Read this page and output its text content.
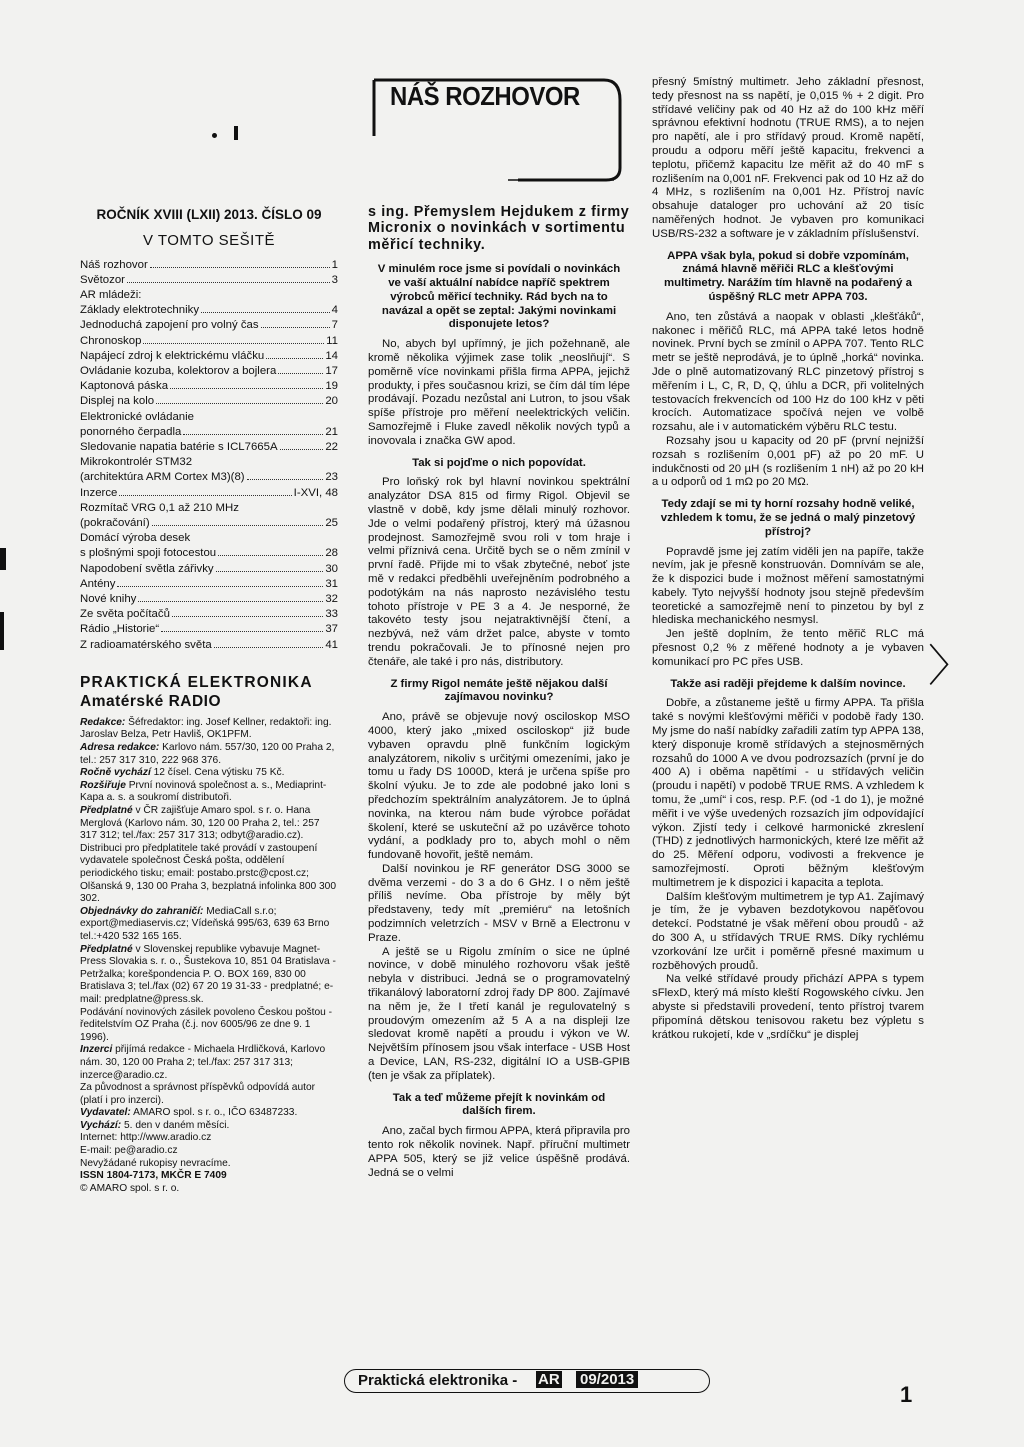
ROČNÍK XVIII (LXII) 2013. ČÍSLO 09
V TOMTO SEŠITĚ
Náš rozhovor	1
Světozor	3
AR mládeži:
Základy elektrotechniky	4
Jednoduchá zapojení pro volný čas	7
Chronoskop	11
Napájecí zdroj k elektrickému vláčku	14
Ovládanie kozuba, kolektorov a bojlera	17
Kaptonová páska	19
Displej na kolo	20
Elektronické ovládanie
ponorného čerpadla	21
Sledovanie napatia batérie s ICL7665A	22
Mikrokontrolér STM32
(architektúra ARM Cortex M3)(8)	23
Inzerce	I-XVI, 48
Rozmítač VRG 0,1 až 210 MHz
(pokračování)	25
Domácí výroba desek
s plošnými spoji fotocestou	28
Napodobení světla zářivky	30
Antény	31
Nové knihy	32
Ze světa počítačů	33
Rádio „Historie“	37
Z radioamatérského světa	41
PRAKTICKÁ ELEKTRONIKA
Amatérské RADIO

Redakce: Šéfredaktor: ing. Josef Kellner, redaktoři: ing. Jaroslav Belza, Petr Havliš, OK1PFM.

Adresa redakce: Karlovo nám. 557/30, 120 00 Praha 2, tel.: 257 317 310, 222 968 376.

Ročně vychází 12 čísel. Cena výtisku 75 Kč.

Rozšiřuje První novinová společnost a. s., Mediaprint-Kapa a. s. a soukromí distributoři.

Předplatné v ČR zajišťuje Amaro spol. s r. o. Hana Merglová (Karlovo nám. 30, 120 00 Praha 2, tel.: 257 317 312; tel./fax: 257 317 313; odbyt@aradio.cz). Distribuci pro předplatitele také provádí v zastoupení vydavatele společnost Česká pošta, oddělení periodického tisku; email: postabo.prstc@cpost.cz; Olšanská 9, 130 00 Praha 3, bezplatná infolinka 800 300 302.

Objednávky do zahraničí: MediaCall s.r.o; export@mediaservis.cz; Vídeňská 995/63, 639 63 Brno tel.:+420 532 165 165.

Předplatné v Slovenskej republike vybavuje Magnet-Press Slovakia s. r. o., Šustekova 10, 851 04 Bratislava - Petržalka; korešpondencia P. O. BOX 169, 830 00 Bratislava 3; tel./fax (02) 67 20 19 31-33 - predplatné; e-mail: predplatne@press.sk.

Podávání novinových zásilek povoleno Českou poštou - ředitelstvím OZ Praha (č.j. nov 6005/96 ze dne 9. 1 1996).

Inzerci přijímá redakce - Michaela Hrdličková, Karlovo nám. 30, 120 00 Praha 2; tel./fax: 257 317 313; inzerce@aradio.cz.

Za původnost a správnost příspěvků odpovídá autor (platí i pro inzerci).

Vydavatel: AMARO spol. s r. o., IČO 63487233.

Vychází: 5. den v daném měsíci.

Internet: http://www.aradio.cz

E-mail: pe@aradio.cz

Nevyžádané rukopisy nevracíme.

ISSN 1804-7173, MKČR E 7409

© AMARO spol. s r. o.

NÁŠ ROZHOVOR
s ing. Přemyslem Hejdukem z firmy Micronix o novinkách v sortimentu měřicí techniky.

V minulém roce jsme si povídali o novinkách ve vaší aktuální nabídce napříč spektrem výrobců měřicí techniky. Rád bych na to navázal a opět se zeptal: Jakými novinkami disponujete letos?

No, abych byl upřímný, je jich požehnaně, ale kromě několika výjimek zase tolik „neoslňují“. S poměrně více novinkami přišla firma APPA, jejichž produkty, i přes současnou krizi, se čím dál tím lépe prodávají. Pozadu nezůstal ani Lutron, to jsou však spíše přístroje pro měření neelektrických veličin. Samozřejmě i Fluke zavedl několik nových typů a inovovala i značka GW apod.

Tak si pojďme o nich popovídat.

Pro loňský rok byl hlavní novinkou spektrální analyzátor DSA 815 od firmy Rigol. Objevil se vlastně v době, kdy jsme dělali minulý rozhovor. Jde o velmi podařený přístroj, který má úžasnou prodejnost. Samozřejmě svou roli v tom hraje i velmi příznivá cena. Určitě bych se o něm zmínil v první řadě. Přijde mi to však zbytečné, neboť jste mě v redakci předběhli uveřejněním podrobného a podotýkám na nás naprosto nezávislého testu tohoto přístroje v PE 3 a 4. Je nesporné, že takovéto testy jsou nejatraktivnější čtení, a nezbývá, než vám držet palce, abyste v tomto trendu pokračovali. Je to přínosné nejen pro čtenáře, ale také i pro nás, distributory.

Z firmy Rigol nemáte ještě nějakou další zajímavou novinku?

Ano, právě se objevuje nový osciloskop MSO 4000, který jako „mixed osciloskop“ již bude vybaven opravdu plně funkčním logickým analyzátorem, nikoliv s určitými omezeními, jako je tomu u řady DS 1000D, která je určena spíše pro školní výuku. Je to zde ale podobné jako loni s předchozím spektrálním analyzátorem. Je to úplná novinka, na kterou nám bude výrobce pořádat školení, které se uskuteční až po uzávěrce tohoto vydání, a podklady pro to, abych mohl o něm fundovaně hovořit, ještě nemám.

Další novinkou je RF generátor DSG 3000 se dvěma verzemi - do 3 a do 6 GHz. I o něm ještě příliš nevíme. Oba přístroje by měly být představeny, tedy mít „premiéru“ na letošních podzimních veletrzích - MSV v Brně a Electronu v Praze.

A ještě se u Rigolu zmíním o sice ne úplné novince, v době minulého rozhovoru však ještě nebyla v distribuci. Jedná se o programovatelný třikanálový laboratorní zdroj řady DP 800. Zajímavé na něm je, že I třetí kanál je regulovatelný s proudovým omezením až 5 A a na displeji lze sledovat kromě napětí a proudu i výkon ve W. Největším přínosem jsou však interface - USB Host a Device, LAN, RS-232, digitální IO a USB-GPIB (ten je však za příplatek).

Tak a teď můžeme přejít k novinkám od dalších firem.

Ano, začal bych firmou APPA, která připravila pro tento rok několik novinek. Např. příruční multimetr APPA 505, který se již velice úspěšně prodává. Jedná se o velmi

přesný 5místný multimetr. Jeho základní přesnost, tedy přesnost na ss napětí, je 0,015 % + 2 digit. Pro střídavé veličiny pak od 40 Hz až do 100 kHz měří správnou efektivní hodnotu (TRUE RMS), a to nejen pro napětí, ale i pro střídavý proud. Kromě napětí, proudu a odporu měří ještě kapacitu, frekvenci a teplotu, přičemž kapacitu lze měřit až do 40 mF s rozlišením na 0,001 nF. Frekvenci pak od 10 Hz až do 4 MHz, s rozlišením na 0,001 Hz. Přístroj navíc obsahuje dataloger pro uchování až 20 tisíc naměřených hodnot. Je vybaven pro komunikaci USB/RS-232 a software je v základním příslušenství.

APPA však byla, pokud si dobře vzpomínám, známá hlavně měřiči RLC a klešťovými multimetry. Narážím tím hlavně na podařený a úspěšný RLC metr APPA 703.

Ano, ten zůstává a naopak v oblasti „klešťáků“, nakonec i měřičů RLC, má APPA také letos hodně novinek. První bych se zmínil o APPA 707. Tento RLC metr se ještě neprodává, je to úplně „horká“ novinka. Jde o plně automatizovaný RLC pinzetový přístroj s měřením i L, C, R, D, Q, úhlu a DCR, při volitelných testovacích frekvencích od 100 Hz do 100 kHz v pěti krocích. Automatizace spočívá nejen ve volbě rozsahu, ale i v automatickém výběru RLC testu.

Rozsahy jsou u kapacity od 20 pF (první nejnižší rozsah s rozlišením 0,001 pF) až po 20 mF. U indukčnosti od 20 µH (s rozlišením 1 nH) až po 20 kH a u odporů od 1 mΩ po 20 MΩ.

Tedy zdají se mi ty horní rozsahy hodně veliké, vzhledem k tomu, že se jedná o malý pinzetový přístroj?

Popravdě jsme jej zatím viděli jen na papíře, takže nevím, jak je přesně konstruován. Domnívám se ale, že k dispozici bude i možnost měření samostatnými kabely. Tyto nejvyšší hodnoty jsou stejně především teoretické a samozřejmě není to pinzetou by byl z hlediska mechanického nesmysl.

Jen ještě doplním, že tento měřič RLC má přesnost 0,2 % z měřené hodnoty a je vybaven komunikací pro PC přes USB.

Takže asi raději přejdeme k dalším novince.

Dobře, a zůstaneme ještě u firmy APPA. Ta přišla také s novými klešťovými měřiči v podobě řady 130. My jsme do naší nabídky zařadili zatím typ APPA 138, který disponuje kromě střídavých a stejnosměrných rozsahů do 1000 A ve dvou podrozsazích (první je do 400 A) i oběma napětími - u střídavých veličin (proudu i napětí) v podobě TRUE RMS. A vzhledem k tomu, že „umí“ i cos, resp. P.F. (od -1 do 1), je možné měřit i ve výše uvedených rozsazích jím odpovídající výkon. Zjistí tedy i celkové harmonické zkreslení (THD) z jednotlivých harmonických, které lze měřit až do 25. Měření odporu, vodivosti a frekvence je samozřejmostí. Oproti běžným klešťovým multimetrem je k dispozici i kapacita a teplota.

Dalším klešťovým multimetrem je typ A1. Zajímavý je tím, že je vybaven bezdotykovou napěťovou detekcí. Podstatné je však měření obou proudů - až do 300 A, u střídavých TRUE RMS. Díky rychlému vzorkování lze určit i poměrně přesné maximum u rozběhových proudů.

Na velké střídavé proudy přichází APPA s typem sFlexD, který má místo kleští Rogowského cívku. Jen abyste si představili provedení, tento přístroj tvarem připomíná dětskou tenisovou raketu bez výpletu s krátkou rukojetí, kde v „srdíčku“ je displej

〉
Praktická elektronika - AR 09/2013
1
